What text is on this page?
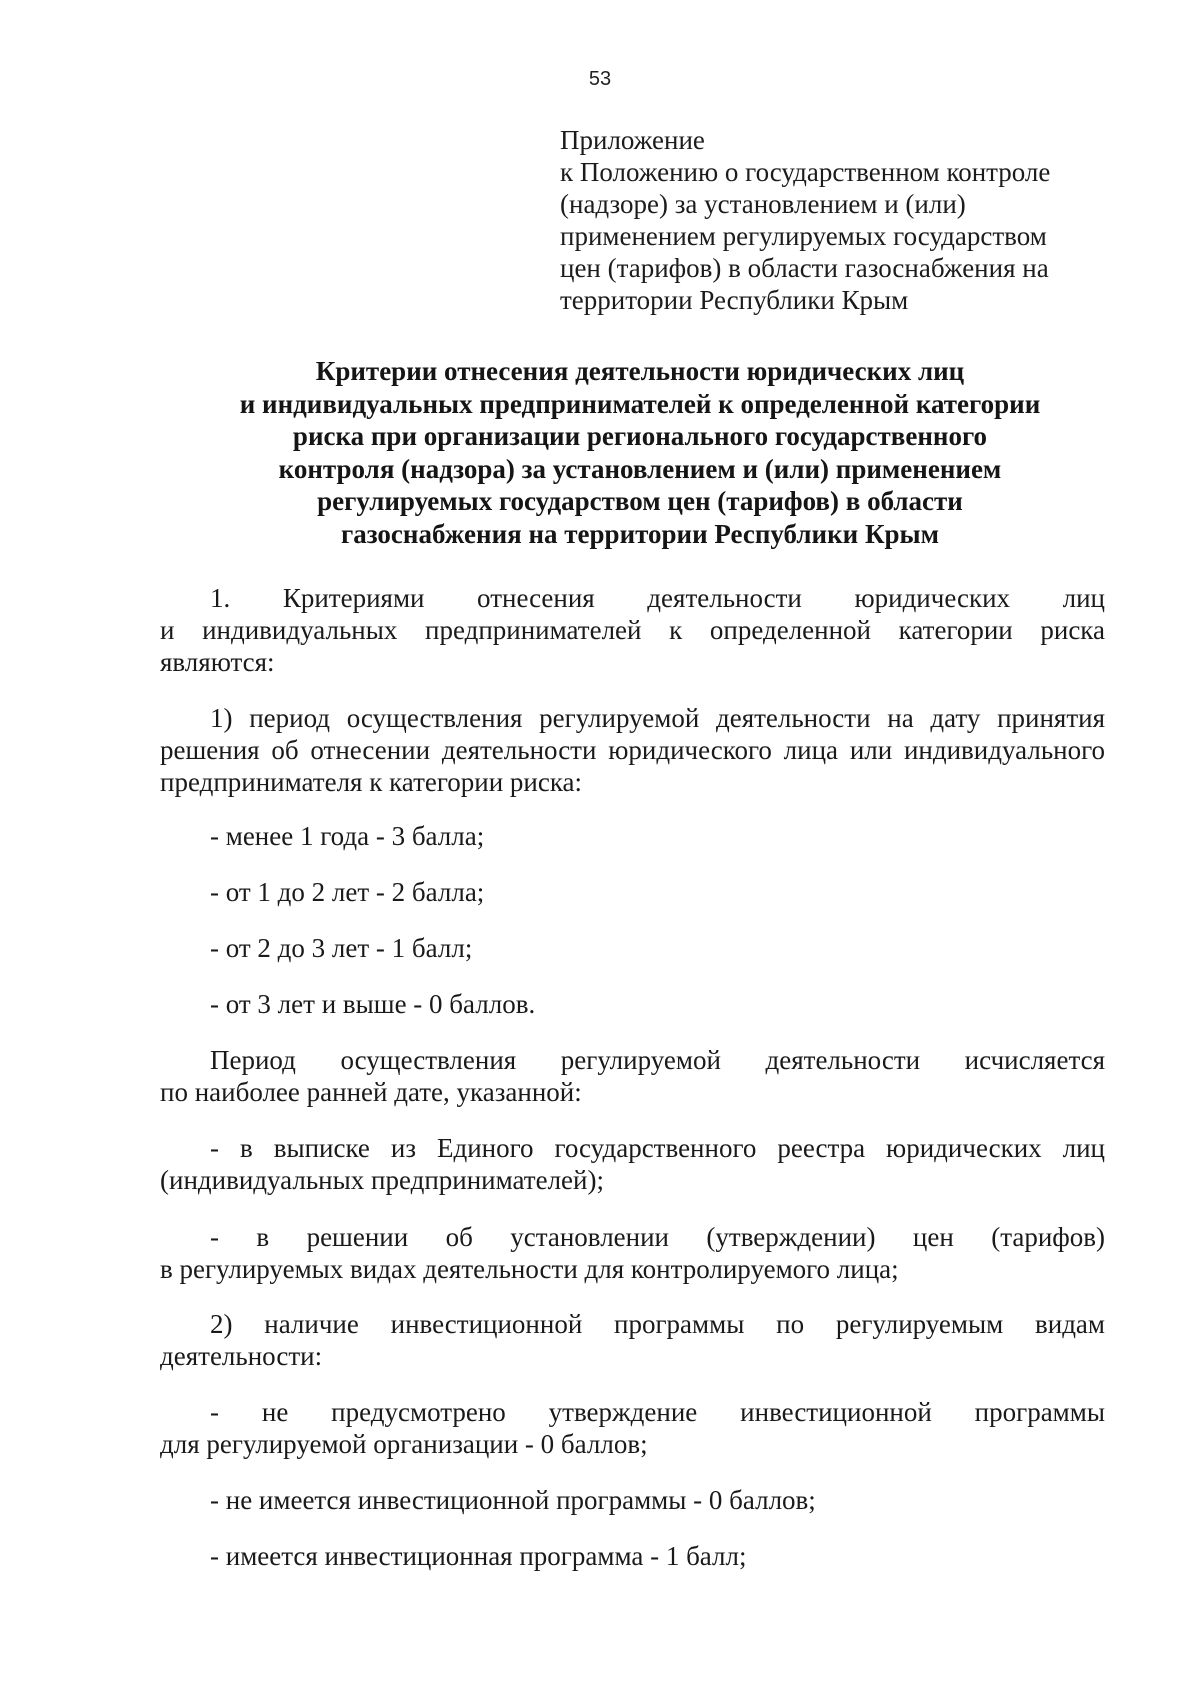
53
Приложение
к Положению о государственном контроле
(надзоре) за установлением и (или)
применением регулируемых государством
цен (тарифов) в области газоснабжения на
территории Республики Крым
Критерии отнесения деятельности юридических лиц
и индивидуальных предпринимателей к определенной категории
риска при организации регионального государственного
контроля (надзора) за установлением и (или) применением
регулируемых государством цен (тарифов) в области
газоснабжения на территории Республики Крым
1. Критериями отнесения деятельности юридических лиц
и индивидуальных предпринимателей к определенной категории риска
являются:
1) период осуществления регулируемой деятельности на дату принятия
решения об отнесении деятельности юридического лица или индивидуального
предпринимателя к категории риска:
- менее 1 года - 3 балла;
- от 1 до 2 лет - 2 балла;
- от 2 до 3 лет - 1 балл;
- от 3 лет и выше - 0 баллов.
Период осуществления регулируемой деятельности исчисляется
по наиболее ранней дате, указанной:
- в выписке из Единого государственного реестра юридических лиц
(индивидуальных предпринимателей);
- в решении об установлении (утверждении) цен (тарифов)
в регулируемых видах деятельности для контролируемого лица;
2) наличие инвестиционной программы по регулируемым видам
деятельности:
- не предусмотрено утверждение инвестиционной программы
для регулируемой организации - 0 баллов;
- не имеется инвестиционной программы - 0 баллов;
- имеется инвестиционная программа - 1 балл;
